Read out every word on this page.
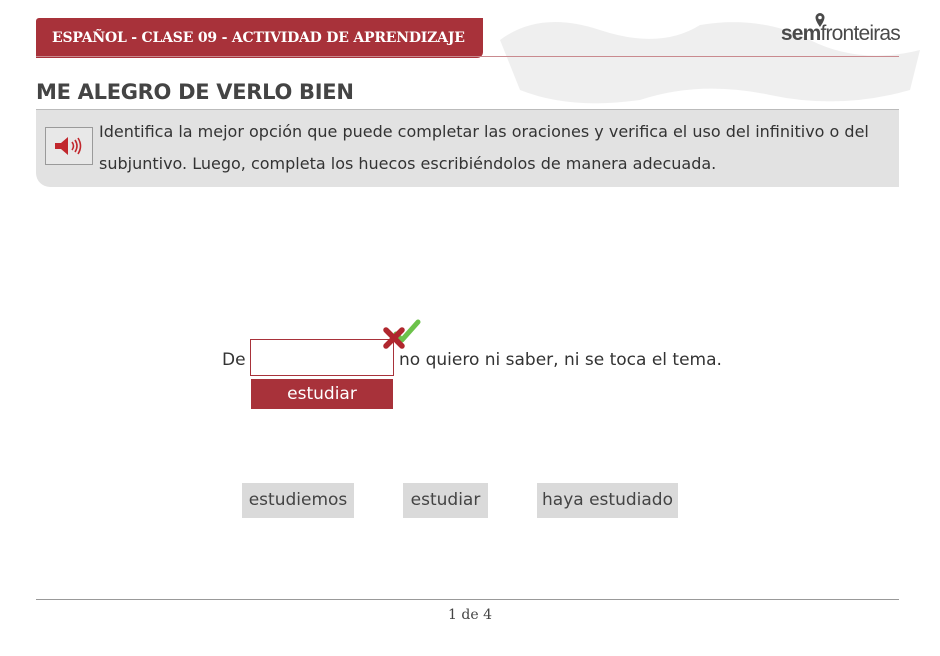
ESPAÑOL - CLASE 09 - ACTIVIDAD DE APRENDIZAJE	semfronteiras
ME ALEGRO DE VERLO BIEN
Identifica la mejor opción que puede completar las oraciones y verifica el uso del infinitivo o del subjuntivo. Luego, completa los huecos escribiéndolos de manera adecuada.
De	no quiero ni saber, ni se toca el tema.
estudiar
estudiemos	estudiar	haya estudiado
1 de 4
